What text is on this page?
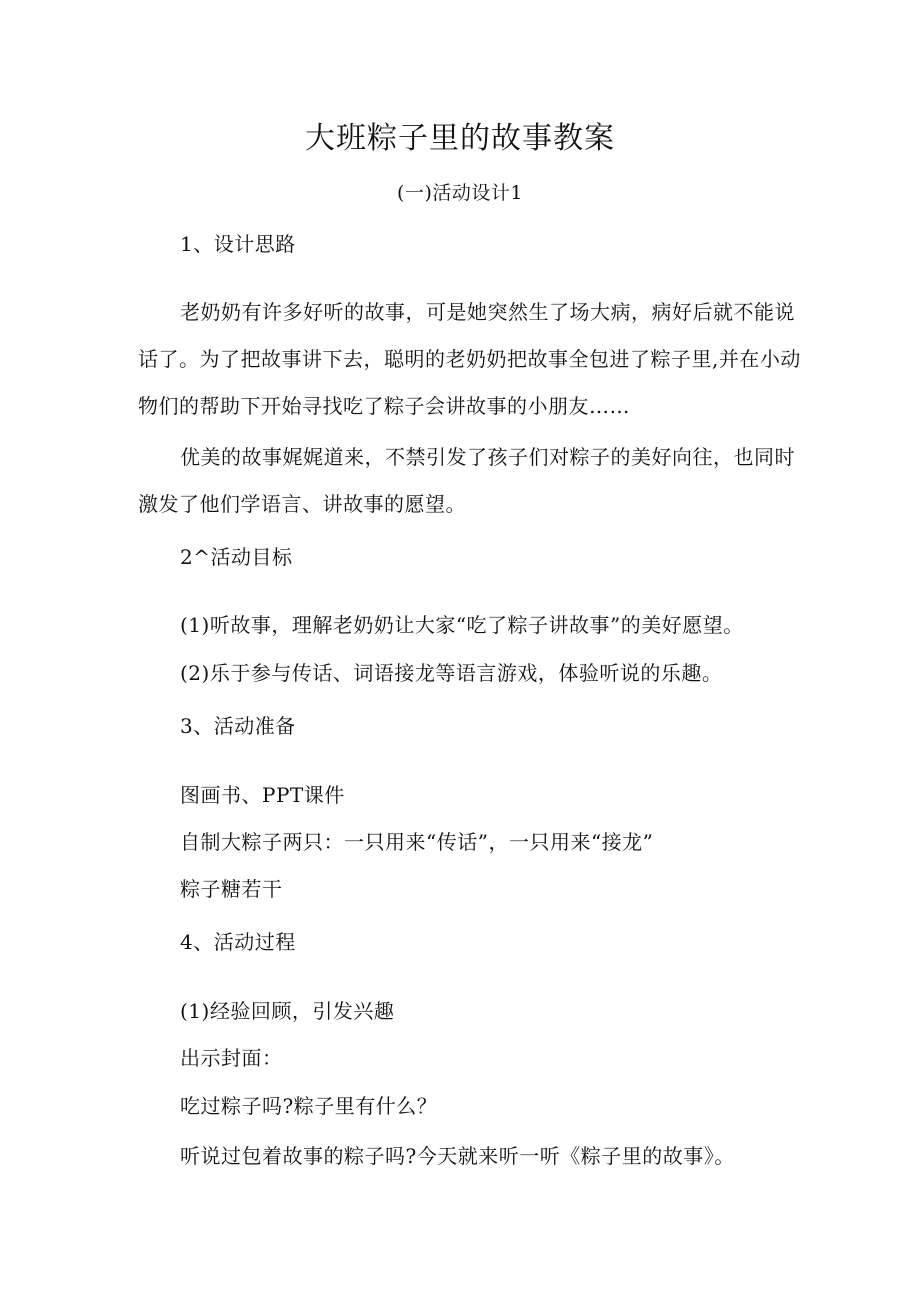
大班粽子里的故事教案
(一)活动设计1
1、设计思路
老奶奶有许多好听的故事，可是她突然生了场大病，病好后就不能说
话了。为了把故事讲下去，聪明的老奶奶把故事全包进了粽子里,并在小动
物们的帮助下开始寻找吃了粽子会讲故事的小朋友……
优美的故事娓娓道来，不禁引发了孩子们对粽子的美好向往，也同时
激发了他们学语言、讲故事的愿望。
2^活动目标
(1)听故事，理解老奶奶让大家“吃了粽子讲故事”的美好愿望。
(2)乐于参与传话、词语接龙等语言游戏，体验听说的乐趣。
3、活动准备
图画书、PPT课件
自制大粽子两只：一只用来“传话”，一只用来“接龙”
粽子糖若干
4、活动过程
(1)经验回顾，引发兴趣
出示封面：
吃过粽子吗?粽子里有什么？
听说过包着故事的粽子吗?今天就来听一听《粽子里的故事》。
